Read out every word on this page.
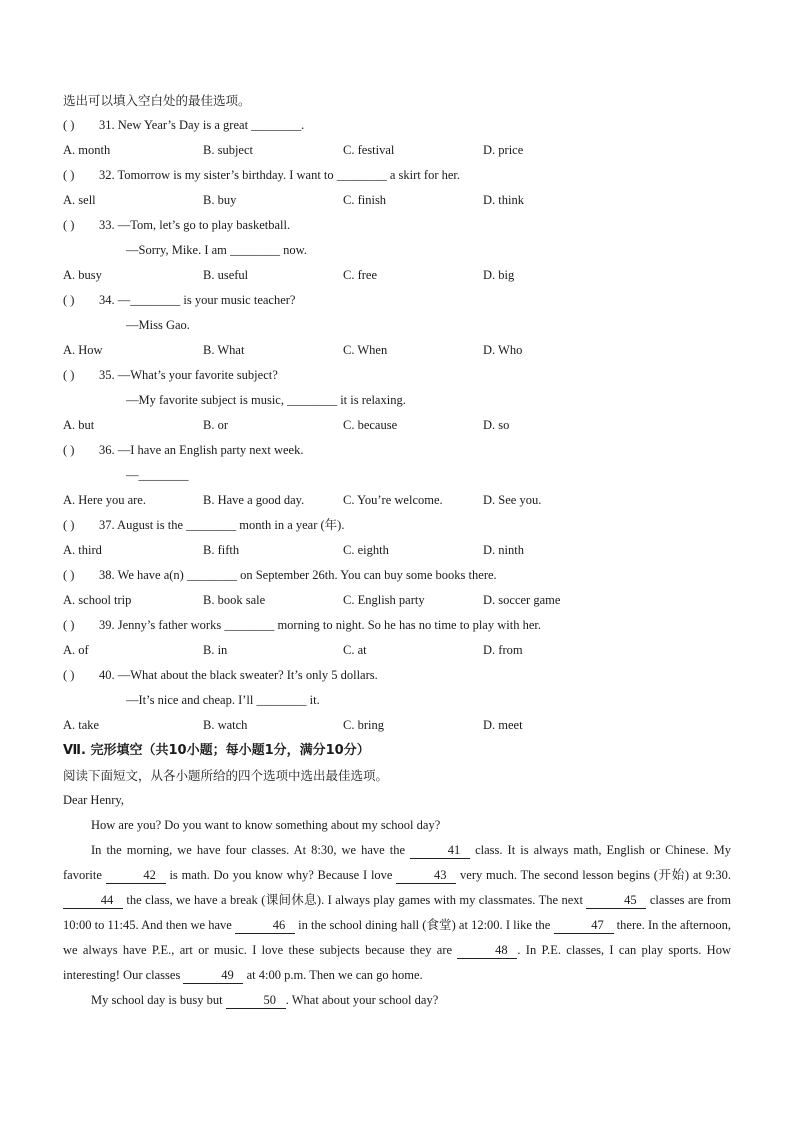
选出可以填入空白处的最佳选项。
( ) 31. New Year’s Day is a great ________.
A. month	B. subject	C. festival	D. price
( ) 32. Tomorrow is my sister’s birthday. I want to ________ a skirt for her.
A. sell	B. buy	C. finish	D. think
( ) 33. —Tom, let’s go to play basketball.
—Sorry, Mike. I am ________ now.
A. busy	B. useful	C. free	D. big
( ) 34. —________ is your music teacher?
—Miss Gao.
A. How	B. What	C. When	D. Who
( ) 35. —What’s your favorite subject?
—My favorite subject is music, ________ it is relaxing.
A. but	B. or	C. because	D. so
( ) 36. —I have an English party next week.
—________
A. Here you are.	B. Have a good day.	C. You’re welcome.	D. See you.
( ) 37. August is the ________ month in a year (年).
A. third	B. fifth	C. eighth	D. ninth
( ) 38. We have a(n) ________ on September 26th. You can buy some books there.
A. school trip	B. book sale	C. English party	D. soccer game
( ) 39. Jenny’s father works ________ morning to night. So he has no time to play with her.
A. of	B. in	C. at	D. from
( ) 40. —What about the black sweater? It’s only 5 dollars.
—It’s nice and cheap. I’ll ________ it.
A. take	B. watch	C. bring	D. meet
Ⅶ. 完形填空（共10小题；每小题1分，满分10分）
阅读下面短文，从各小题所给的四个选项中选出最佳选项。
Dear Henry,
How are you? Do you want to know something about my school day?
In the morning, we have four classes. At 8:30, we have the	41 class. It is always math, English or Chinese. My favorite	42 is math. Do you know why? Because I love	43 very much. The second lesson begins (开始) at 9:30. 44 the class, we have a break (课间休息). I always play games with my classmates. The next	45 classes are from 10:00 to 11:45. And then we have	46 in the school dining hall (食堂) at 12:00. I like the	47 there. In the afternoon, we always have P.E., art or music. I love these subjects because they are	48 . In P.E. classes, I can play sports. How interesting! Our classes	49 at 4:00 p.m. Then we can go home.
My school day is busy but	50 . What about your school day?
